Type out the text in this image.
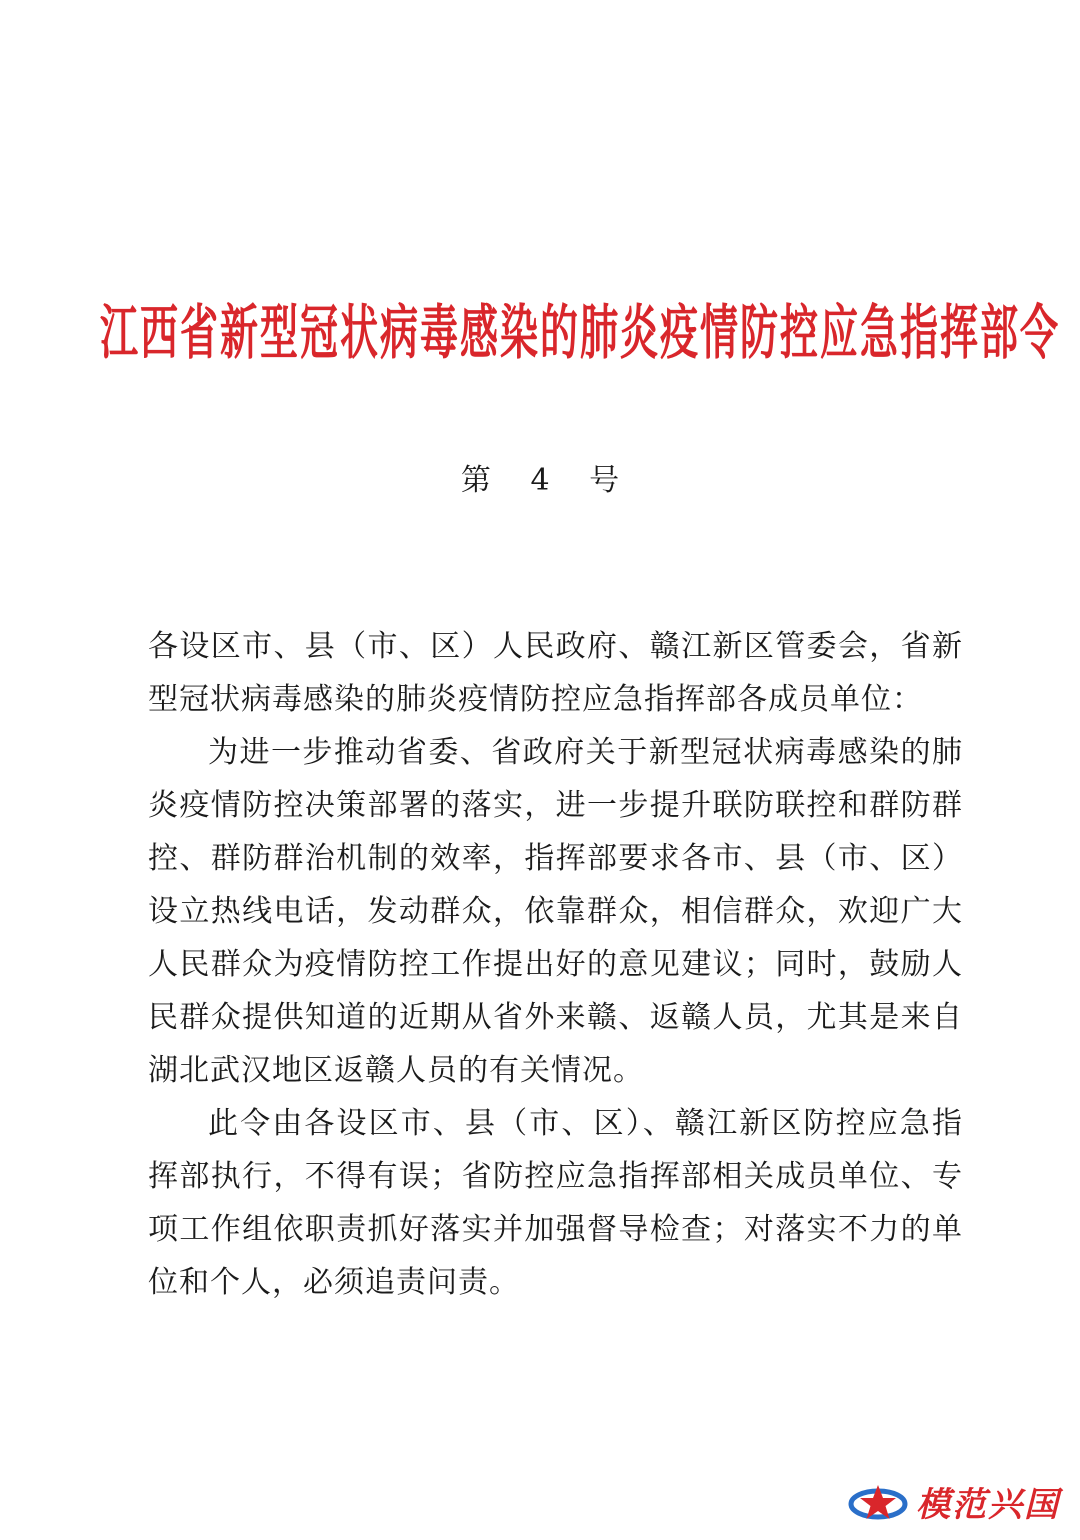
江西省新型冠状病毒感染的肺炎疫情防控应急指挥部令
第 4 号

各设区市、县（市、区）人民政府、赣江新区管委会，省新型冠状病毒感染的肺炎疫情防控应急指挥部各成员单位：

为进一步推动省委、省政府关于新型冠状病毒感染的肺炎疫情防控决策部署的落实，进一步提升联防联控和群防群控、群防群治机制的效率，指挥部要求各市、县（市、区）设立热线电话，发动群众，依靠群众，相信群众，欢迎广大人民群众为疫情防控工作提出好的意见建议；同时，鼓励人民群众提供知道的近期从省外来赣、返赣人员，尤其是来自湖北武汉地区返赣人员的有关情况。

此令由各设区市、县（市、区）、赣江新区防控应急指挥部执行，不得有误；省防控应急指挥部相关成员单位、专项工作组依职责抓好落实并加强督导检查；对落实不力的单位和个人，必须追责问责。

模范兴国
